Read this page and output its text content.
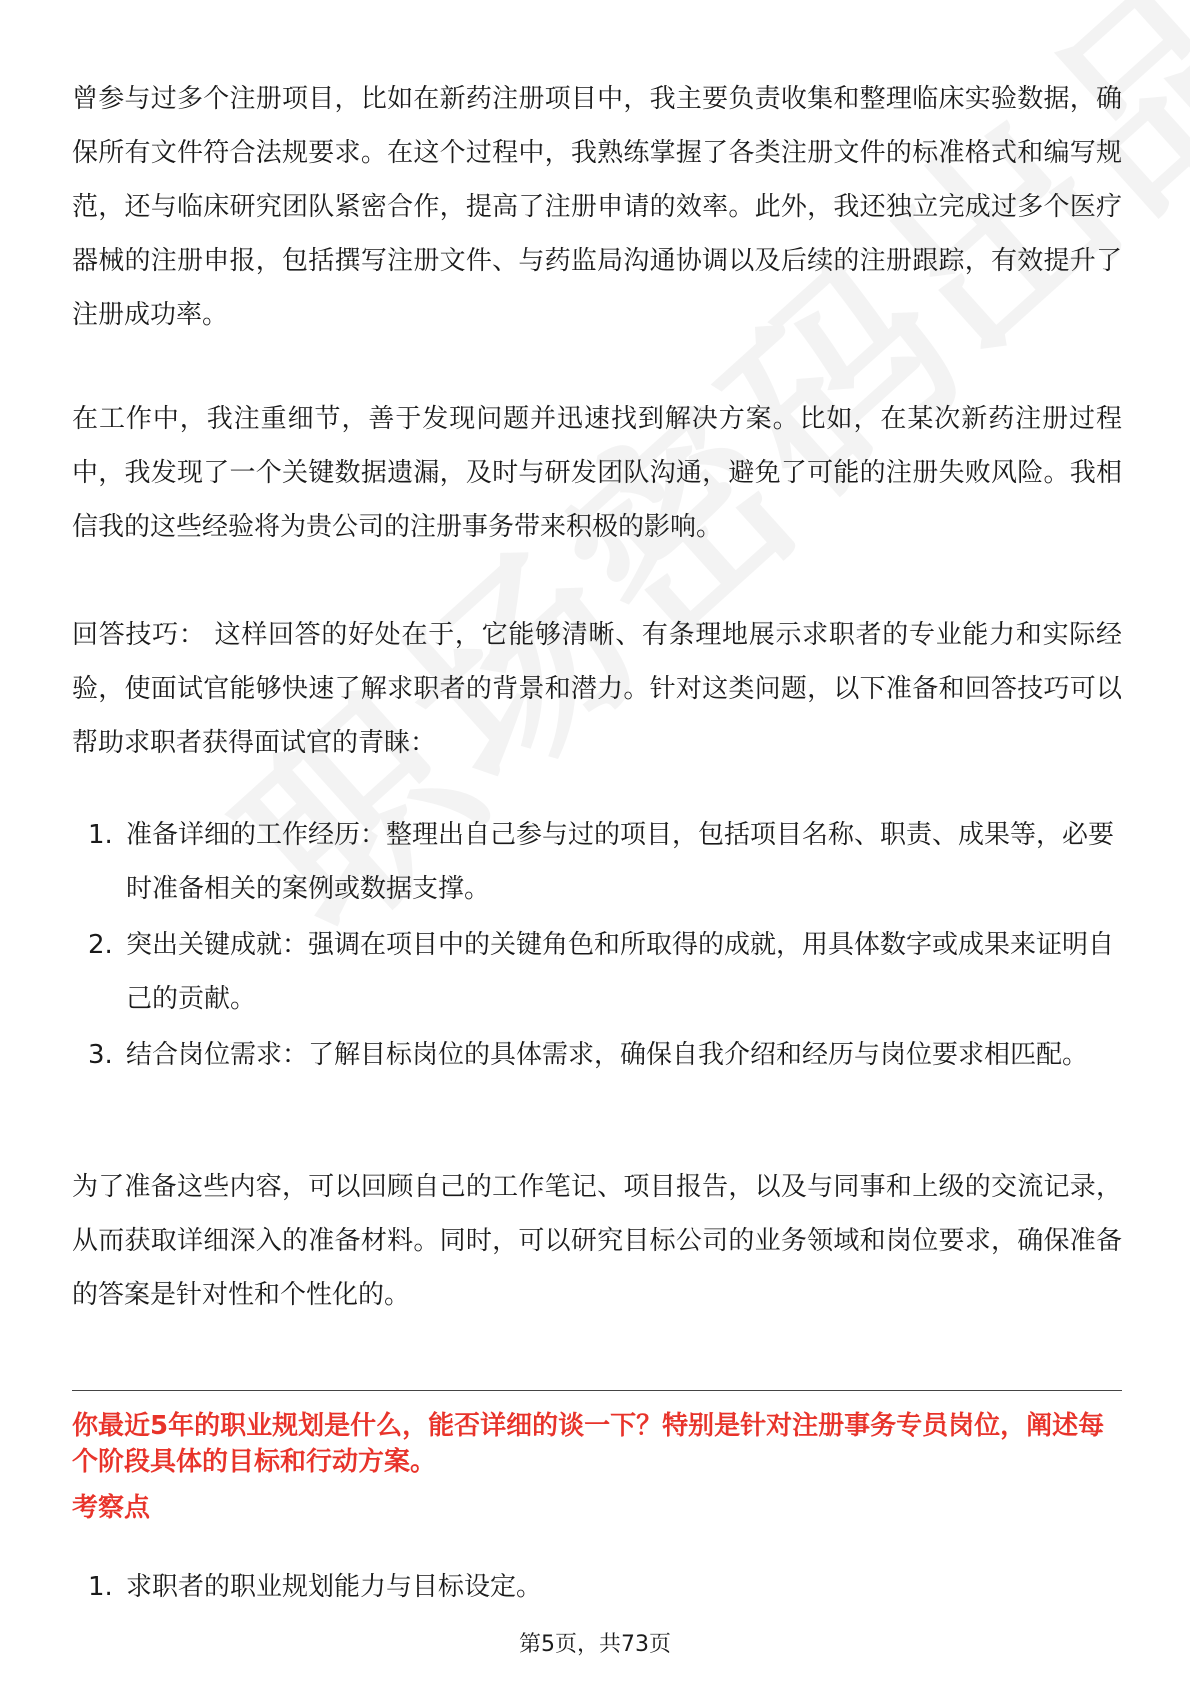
曾参与过多个注册项目，比如在新药注册项目中，我主要负责收集和整理临床实验数据，确保所有文件符合法规要求。在这个过程中，我熟练掌握了各类注册文件的标准格式和编写规范，还与临床研究团队紧密合作，提高了注册申请的效率。此外，我还独立完成过多个医疗器械的注册申报，包括撰写注册文件、与药监局沟通协调以及后续的注册跟踪，有效提升了注册成功率。

在工作中，我注重细节，善于发现问题并迅速找到解决方案。比如，在某次新药注册过程中，我发现了一个关键数据遗漏，及时与研发团队沟通，避免了可能的注册失败风险。我相信我的这些经验将为贵公司的注册事务带来积极的影响。

回答技巧： 这样回答的好处在于，它能够清晰、有条理地展示求职者的专业能力和实际经验，使面试官能够快速了解求职者的背景和潜力。针对这类问题，以下准备和回答技巧可以帮助求职者获得面试官的青睐：

1. 准备详细的工作经历：整理出自己参与过的项目，包括项目名称、职责、成果等，必要时准备相关的案例或数据支撑。
2. 突出关键成就：强调在项目中的关键角色和所取得的成就，用具体数字或成果来证明自己的贡献。
3. 结合岗位需求：了解目标岗位的具体需求，确保自我介绍和经历与岗位要求相匹配。

为了准备这些内容，可以回顾自己的工作笔记、项目报告，以及与同事和上级的交流记录，从而获取详细深入的准备材料。同时，可以研究目标公司的业务领域和岗位要求，确保准备的答案是针对性和个性化的。

你最近5年的职业规划是什么，能否详细的谈一下？特别是针对注册事务专员岗位，阐述每个阶段具体的目标和行动方案。

考察点

1. 求职者的职业规划能力与目标设定。
第5页，共73页
